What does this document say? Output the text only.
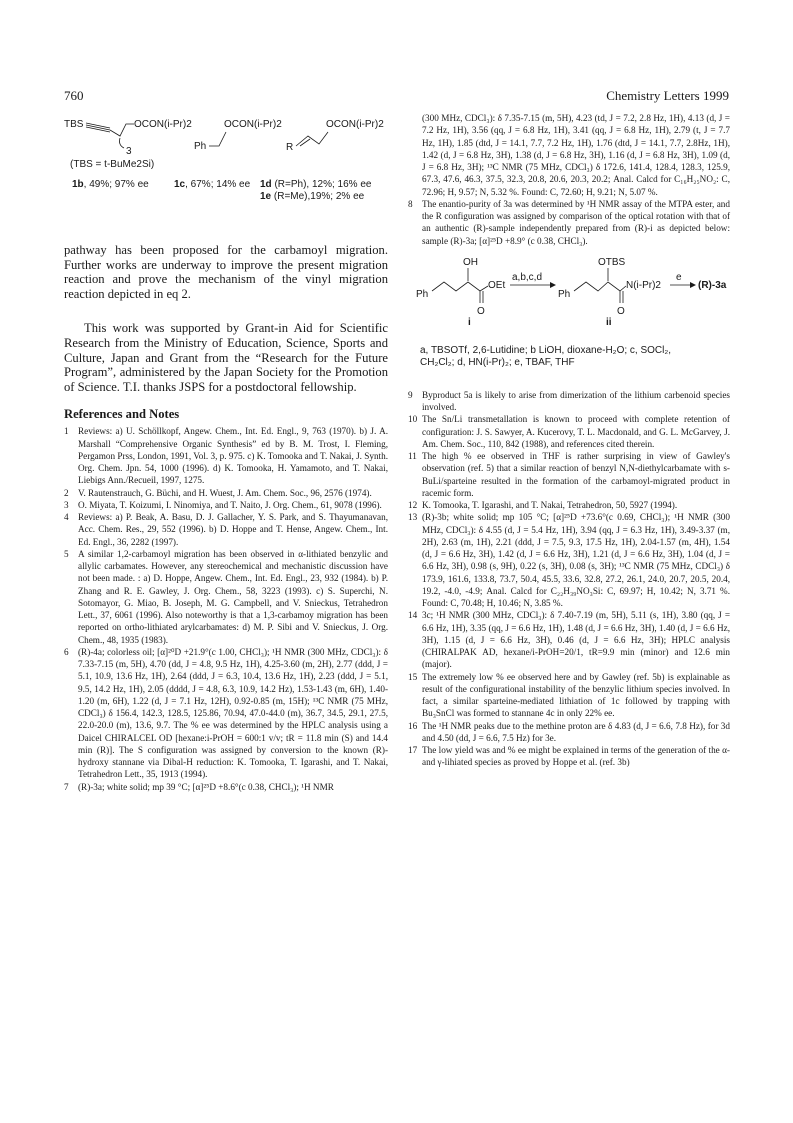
760	Chemistry Letters 1999
TBS
3
OCON(i-Pr)2	OCON(i-Pr)2
Ph
OCON(i-Pr)2
R
(TBS = t-BuMe2Si)
1b, 49%; 97% ee	1c, 67%; 14% ee 1d (R=Ph), 12%; 16% ee
1e (R=Me),19%; 2% ee

pathway has been proposed for the carbamoyl migration. Further works are underway to improve the present migration reaction and prove the mechanism of the vinyl migration reaction depicted in eq 2.

This work was supported by Grant-in Aid for Scientific Research from the Ministry of Education, Science, Sports and Culture, Japan and Grant from the “Research for the Future Program”, administered by the Japan Society for the Promotion of Science. T.I. thanks JSPS for a postdoctoral fellowship.

References and Notes

1	Reviews: a) U. Schöllkopf, Angew. Chem., Int. Ed. Engl., 9, 763 (1970). b) J. A. Marshall “Comprehensive Organic Synthesis” ed by B. M. Trost, I. Fleming, Pergamon Prss, London, 1991, Vol. 3, p. 975. c) K. Tomooka and T. Nakai, J. Synth. Org. Chem. Jpn. 54, 1000 (1996). d) K. Tomooka, H. Yamamoto, and T. Nakai, Liebigs Ann./Recueil, 1997, 1275.

2	V. Rautenstrauch, G. Büchi, and H. Wuest, J. Am. Chem. Soc., 96, 2576 (1974).

3	O. Miyata, T. Koizumi, I. Ninomiya, and T. Naito, J. Org. Chem., 61, 9078 (1996).

4	Reviews: a) P. Beak, A. Basu, D. J. Gallacher, Y. S. Park, and S. Thayumanavan, Acc. Chem. Res., 29, 552 (1996). b) D. Hoppe and T. Hense, Angew. Chem., Int. Ed. Engl., 36, 2282 (1997).

5	A similar 1,2-carbamoyl migration has been observed in α-lithiated benzylic and allylic carbamates. However, any stereochemical and mechanistic discussion have not been made. : a) D. Hoppe, Angew. Chem., Int. Ed. Engl., 23, 932 (1984). b) P. Zhang and R. E. Gawley, J. Org. Chem., 58, 3223 (1993). c) S. Superchi, N. Sotomayor, G. Miao, B. Joseph, M. G. Campbell, and V. Snieckus, Tetrahedron Lett., 37, 6061 (1996). Also noteworthy is that a 1,3-carbamoy migration has been reported on ortho-lithiated arylcarbamates: d) M. P. Sibi and V. Snieckus, J. Org. Chem., 48, 1935 (1983).

6	(R)-4a; colorless oil; [α]²⁰D +21.9°(c 1.00, CHCl₃); ¹H NMR (300 MHz, CDCl₃): δ 7.33-7.15 (m, 5H), 4.70 (dd, J = 4.8, 9.5 Hz, 1H), 4.25-3.60 (m, 2H), 2.77 (ddd, J = 5.1, 10.9, 13.6 Hz, 1H), 2.64 (ddd, J = 6.3, 10.4, 13.6 Hz, 1H), 2.23 (ddd, J = 5.1, 9.5, 14.2 Hz, 1H), 2.05 (dddd, J = 4.8, 6.3, 10.9, 14.2 Hz), 1.53-1.43 (m, 6H), 1.40-1.20 (m, 6H), 1.22 (d, J = 7.1 Hz, 12H), 0.92-0.85 (m, 15H); ¹³C NMR (75 MHz, CDCl₃) δ 156.4, 142.3, 128.5, 125.86, 70.94, 47.0-44.0 (m), 36.7, 34.5, 29.1, 27.5, 22.0-20.0 (m), 13.6, 9.7. The % ee was determined by the HPLC analysis using a Daicel CHIRALCEL OD [hexane:i-PrOH = 600:1 v/v; tR = 11.8 min (S) and 14.4 min (R)]. The S configuration was assigned by conversion to the known (R)-hydroxy stannane via Dibal-H reduction: K. Tomooka, T. Igarashi, and T. Nakai, Tetrahedron Lett., 35, 1913 (1994).

7	(R)-3a; white solid; mp 39 °C; [α]²⁵D +8.6°(c 0.38, CHCl₃); ¹H NMR

(300 MHz, CDCl₃): δ 7.35-7.15 (m, 5H), 4.23 (td, J = 7.2, 2.8 Hz, 1H), 4.13 (d, J = 7.2 Hz, 1H), 3.56 (qq, J = 6.8 Hz, 1H), 3.41 (qq, J = 6.8 Hz, 1H), 2.79 (t, J = 7.7 Hz, 1H), 1.85 (dtd, J = 14.1, 7.7, 7.2 Hz, 1H), 1.76 (dtd, J = 14.1, 7.7, 2.8Hz, 1H), 1.42 (d, J = 6.8 Hz, 3H), 1.38 (d, J = 6.8 Hz, 3H), 1.16 (d, J = 6.8 Hz, 3H), 1.09 (d, J = 6.8 Hz, 3H); ¹³C NMR (75 MHz, CDCl₃) δ 172.6, 141.4, 128.4, 128.3, 125.9, 67.3, 47.6, 46.3, 37.5, 32.3, 20.8, 20.6, 20.3, 20.2; Anal. Calcd for C₁₆H₂₅NO₂: C, 72.96; H, 9.57; N, 5.32 %. Found: C, 72.60; H, 9.21; N, 5.07 %.

8	The enantio-purity of 3a was determined by ¹H NMR assay of the MTPA ester, and the R configuration was assigned by comparison of the optical rotation with that of an authentic (R)-sample independently prepared from (R)-i as depicted below: sample (R)-3a; [α]²⁵D +8.9° (c 0.38, CHCl₃).

OH
Ph
O
OEt
i
a,b,c,d
Ph
OTBS
O
N(i-Pr)2
ii
e
(R)-3a

a, TBSOTf, 2,6-Lutidine; b LiOH, dioxane-H₂O; c, SOCl₂,

CH₂Cl₂; d, HN(i-Pr)₂; e, TBAF, THF

9	Byproduct 5a is likely to arise from dimerization of the lithium carbenoid species involved.

10 The Sn/Li transmetallation is known to proceed with complete retention of configuration: J. S. Sawyer, A. Kucerovy, T. L. Macdonald, and G. L. McGarvey, J. Am. Chem. Soc., 110, 842 (1988), and references cited therein.

11 The high % ee observed in THF is rather surprising in view of Gawley's observation (ref. 5) that a similar reaction of benzyl N,N-diethylcarbamate with s-BuLi/sparteine resulted in the formation of the carbamoyl-migrated product in racemic form.

12 K. Tomooka, T. Igarashi, and T. Nakai, Tetrahedron, 50, 5927 (1994).

13 (R)-3b; white solid; mp 105 °C; [α]²⁵D +73.6°(c 0.69, CHCl₃); ¹H NMR (300 MHz, CDCl₃): δ 4.55 (d, J = 5.4 Hz, 1H), 3.94 (qq, J = 6.3 Hz, 1H), 3.49-3.37 (m, 2H), 2.63 (m, 1H), 2.21 (ddd, J = 7.5, 9.3, 17.5 Hz, 1H), 2.04-1.57 (m, 4H), 1.54 (d, J = 6.6 Hz, 3H), 1.42 (d, J = 6.6 Hz, 3H), 1.21 (d, J = 6.6 Hz, 3H), 1.04 (d, J = 6.6 Hz, 3H), 0.98 (s, 9H), 0.22 (s, 3H), 0.08 (s, 3H); ¹³C NMR (75 MHz, CDCl₃) δ 173.9, 161.6, 133.8, 73.7, 50.4, 45.5, 33.6, 32.8, 27.2, 26.1, 24.0, 20.7, 20.5, 20.4, 19.2, -4.0, -4.9; Anal. Calcd for C₂₂H₃₉NO₃Si: C, 69.97; H, 10.42; N, 3.71 %. Found: C, 70.48; H, 10.46; N, 3.85 %.

14 3c; ¹H NMR (300 MHz, CDCl₃): δ 7.40-7.19 (m, 5H), 5.11 (s, 1H), 3.80 (qq, J = 6.6 Hz, 1H), 3.35 (qq, J = 6.6 Hz, 1H), 1.48 (d, J = 6.6 Hz, 3H), 1.40 (d, J = 6.6 Hz, 3H), 1.15 (d, J = 6.6 Hz, 3H), 0.46 (d, J = 6.6 Hz, 3H); HPLC analysis (CHIRALPAK AD, hexane/i-PrOH=20/1, tR=9.9 min (minor) and 12.6 min (major).

15 The extremely low % ee observed here and by Gawley (ref. 5b) is explainable as result of the configurational instability of the benzylic lithium species involved. In fact, a similar sparteine-mediated lithiation of 1c followed by trapping with Bu₃SnCl was formed to stannane 4c in only 22% ee.

16 The ¹H NMR peaks due to the methine proton are δ 4.83 (d, J = 6.6, 7.8 Hz), for 3d and 4.50 (dd, J = 6.6, 7.5 Hz) for 3e.

17 The low yield was and % ee might be explained in terms of the generation of the α- and γ-lihiated species as proved by Hoppe et al. (ref. 3b)
